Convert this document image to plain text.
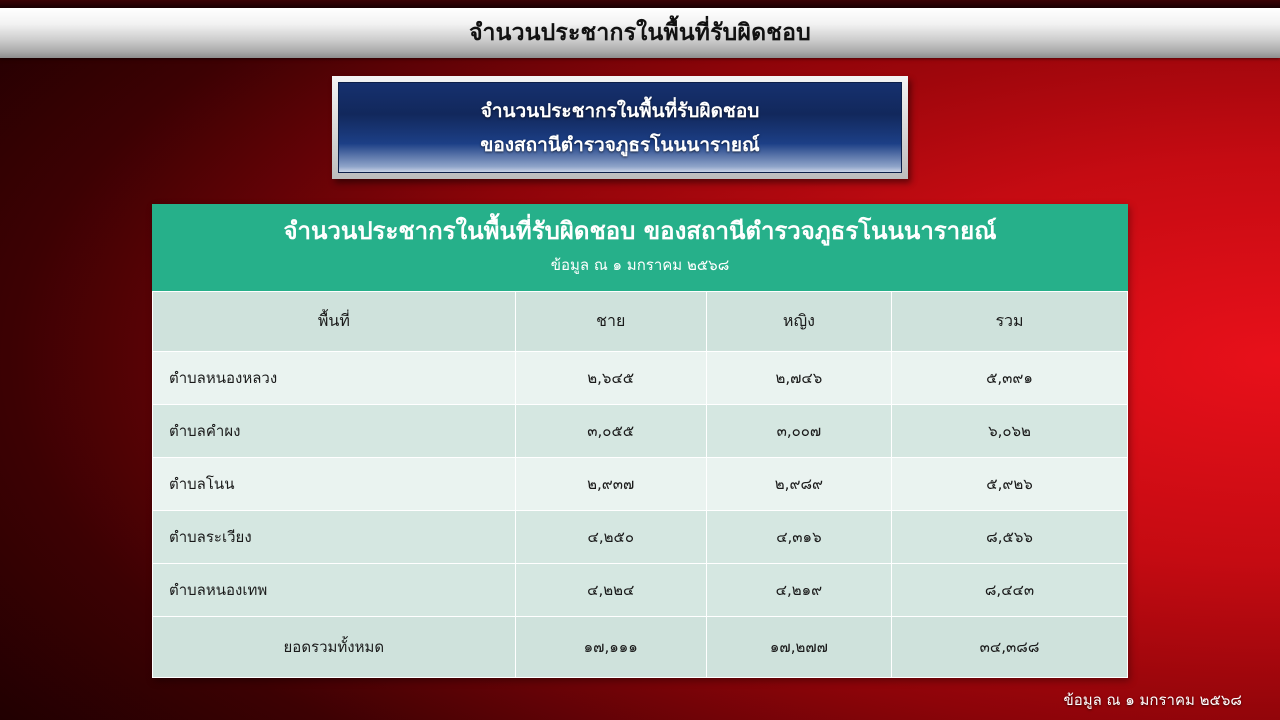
จำนวนประชากรในพื้นที่รับผิดชอบ
จำนวนประชากรในพื้นที่รับผิดชอบ
ของสถานีตำรวจภูธรโนนนารายณ์
จำนวนประชากรในพื้นที่รับผิดชอบ ของสถานีตำรวจภูธรโนนนารายณ์
ข้อมูล ณ ๑ มกราคม ๒๕๖๘
พื้นที่	ชาย	หญิง	รวม
ตำบลหนองหลวง	๒,๖๔๕	๒,๗๔๖	๕,๓๙๑
ตำบลคำผง	๓,๐๕๕	๓,๐๐๗	๖,๐๖๒
ตำบลโนน	๒,๙๓๗	๒,๙๘๙	๕,๙๒๖
ตำบลระเวียง	๔,๒๕๐	๔,๓๑๖	๘,๕๖๖
ตำบลหนองเทพ	๔,๒๒๔	๔,๒๑๙	๘,๔๔๓
ยอดรวมทั้งหมด	๑๗,๑๑๑	๑๗,๒๗๗	๓๔,๓๘๘
ข้อมูล ณ ๑ มกราคม ๒๕๖๘
